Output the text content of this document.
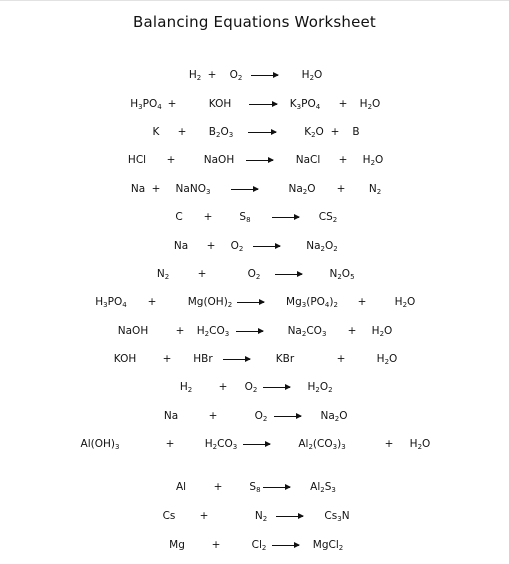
Balancing Equations Worksheet
$H_2$	$O_2$
+ → $H_2O$
$H_3PO_4$	KOH
+	→ $K_3PO_4$	$H_2O$
+
K	$B_2O_3$
+	$K_2O$	B
+
HCl	NaOH
+	→ NaCl	$H_2O$
+
Na	NaNO$_3$
+	$Na_2O$	$N_2$
+
C	$S_8$
+	→ $CS_2$
Na	$O_2$
+	$Na_2O_2$
$N_2$	$O_2$
+	$N_2O_5$
$H_3PO_4$	$Mg(OH)_2$
+	→ $Mg_3(PO_4)_2$	$H_2O$
+
NaOH	$H_2CO_3$
+	$Na_2CO_3$	$H_2O$
+
KOH	HBr
+	KBr	$H_2O$
+
$H_2$	$O_2$
+ → $H_2O_2$
Na	$O_2$
+	→ $Na_2O$
$Al(OH)_3$	$H_2CO_3$
+	$Al_2(CO_3)_3$	$H_2O$
+
Al	$S_8$
+	→ $Al_2S_3$
Cs	$N_2$
+	→ $Cs_3N$
Mg	$Cl_2$
+	→ MgCl$_2$
